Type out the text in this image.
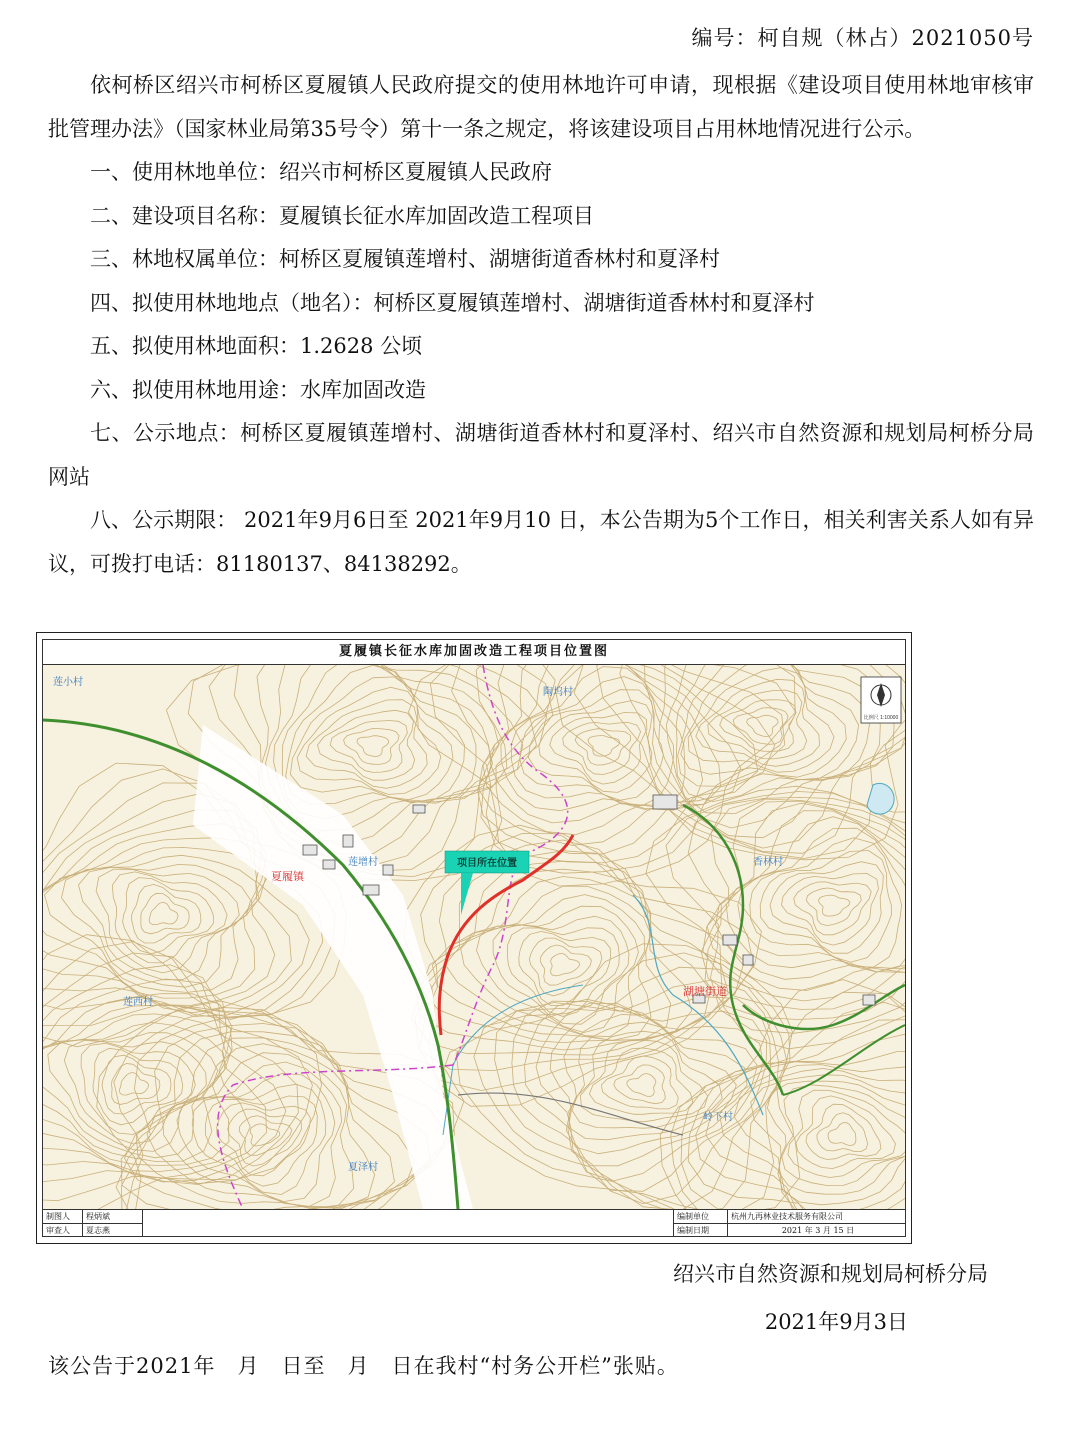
编号：柯自规（林占）2021050号

依柯桥区绍兴市柯桥区夏履镇人民政府提交的使用林地许可申请，现根据《建设项目使用林地审核审批管理办法》（国家林业局第35号令）第十一条之规定，将该建设项目占用林地情况进行公示。

一、使用林地单位：绍兴市柯桥区夏履镇人民政府

二、建设项目名称：夏履镇长征水库加固改造工程项目

三、林地权属单位：柯桥区夏履镇莲增村、湖塘街道香林村和夏泽村

四、拟使用林地地点（地名）：柯桥区夏履镇莲增村、湖塘街道香林村和夏泽村

五、拟使用林地面积：1.2628 公顷

六、拟使用林地用途：水库加固改造

七、公示地点：柯桥区夏履镇莲增村、湖塘街道香林村和夏泽村、绍兴市自然资源和规划局柯桥分局网站

八、公示期限： 2021年9月6日至 2021年9月10 日，本公告期为5个工作日，相关利害关系人如有异议，可拨打电话：81180137、84138292。

夏履镇长征水库加固改造工程项目位置图
比例尺 1:10000
项目所在位置
莲小村
陶坞村
莲增村	香林村
莲西村
岭下村
夏泽村
夏履镇
湖塘街道
制图人	程炳斌
审查人	夏志燕
编制单位	杭州九再林业技术服务有限公司
编制日期	2021 年 3 月 15 日
绍兴市自然资源和规划局柯桥分局
2021年9月3日
该公告于2021年　月　日至　月　日在我村“村务公开栏”张贴。
